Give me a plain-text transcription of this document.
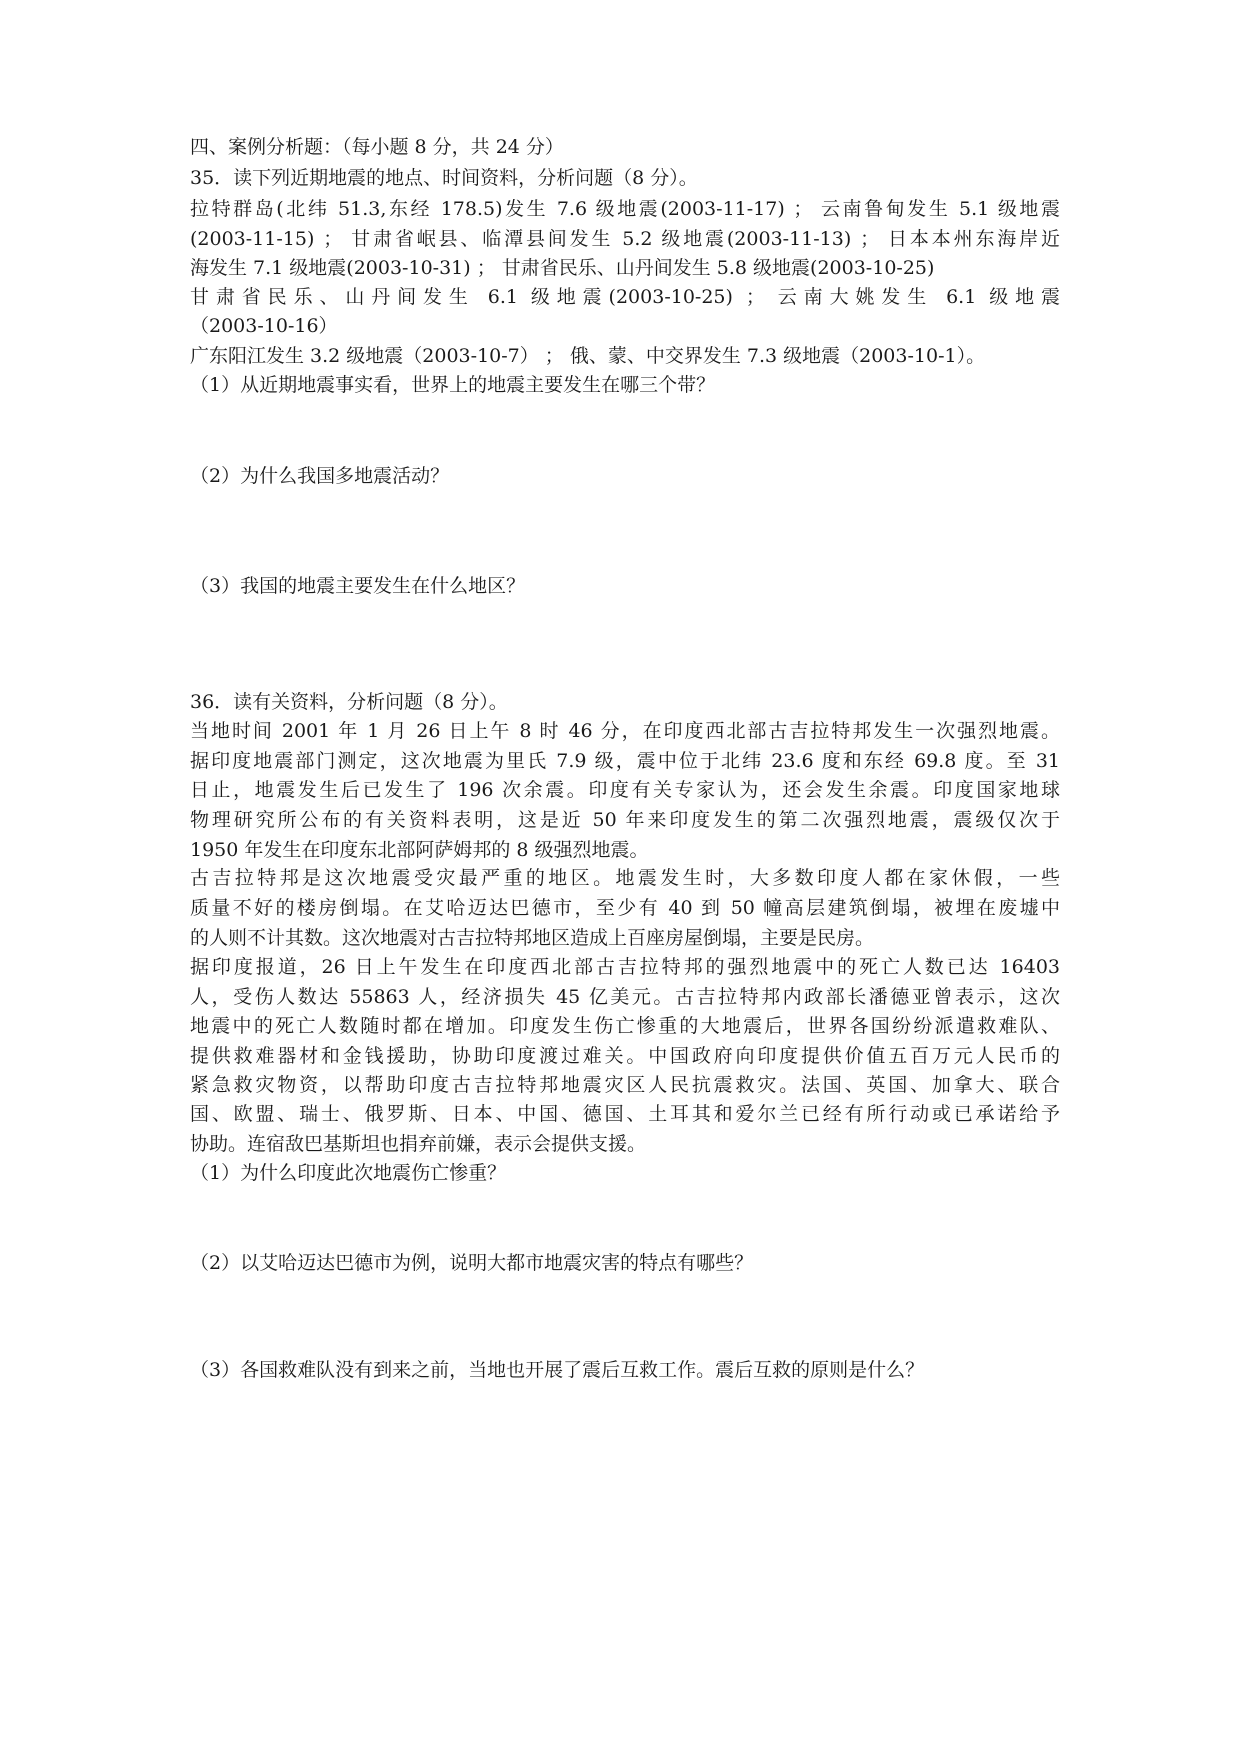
四、案例分析题：（每小题 8 分，共 24 分）

35．读下列近期地震的地点、时间资料，分析问题（8 分）。

拉特群岛(北纬 51.3,东经 178.5)发生 7.6 级地震(2003-11-17) ； 云南鲁甸发生 5.1 级地震

(2003-11-15) ； 甘肃省岷县、临潭县间发生 5.2 级地震(2003-11-13) ； 日本本州东海岸近

海发生 7.1 级地震(2003-10-31) ； 甘肃省民乐、山丹间发生 5.8 级地震(2003-10-25)

甘肃省民乐、山丹间发生 6.1 级地震(2003-10-25) ； 云南大姚发生 6.1 级地震

（2003-10-16）

广东阳江发生 3.2 级地震（2003-10-7） ； 俄、蒙、中交界发生 7.3 级地震（2003-10-1）。

（1）从近期地震事实看，世界上的地震主要发生在哪三个带？

（2）为什么我国多地震活动？

（3）我国的地震主要发生在什么地区？

36．读有关资料，分析问题（8 分）。

当地时间 2001 年 1 月 26 日上午 8 时 46 分，在印度西北部古吉拉特邦发生一次强烈地震。

据印度地震部门测定，这次地震为里氏 7.9 级，震中位于北纬 23.6 度和东经 69.8 度。至 31

日止，地震发生后已发生了 196 次余震。印度有关专家认为，还会发生余震。印度国家地球

物理研究所公布的有关资料表明，这是近 50 年来印度发生的第二次强烈地震，震级仅次于

1950 年发生在印度东北部阿萨姆邦的 8 级强烈地震。

古吉拉特邦是这次地震受灾最严重的地区。地震发生时，大多数印度人都在家休假，一些

质量不好的楼房倒塌。在艾哈迈达巴德市，至少有 40 到 50 幢高层建筑倒塌，被埋在废墟中

的人则不计其数。这次地震对古吉拉特邦地区造成上百座房屋倒塌，主要是民房。

据印度报道，26 日上午发生在印度西北部古吉拉特邦的强烈地震中的死亡人数已达 16403

人，受伤人数达 55863 人，经济损失 45 亿美元。古吉拉特邦内政部长潘德亚曾表示，这次

地震中的死亡人数随时都在增加。印度发生伤亡惨重的大地震后，世界各国纷纷派遣救难队、

提供救难器材和金钱援助，协助印度渡过难关。中国政府向印度提供价值五百万元人民币的

紧急救灾物资，以帮助印度古吉拉特邦地震灾区人民抗震救灾。法国、英国、加拿大、联合

国、欧盟、瑞士、俄罗斯、日本、中国、德国、土耳其和爱尔兰已经有所行动或已承诺给予

协助。连宿敌巴基斯坦也捐弃前嫌，表示会提供支援。

（1）为什么印度此次地震伤亡惨重？

（2）以艾哈迈达巴德市为例，说明大都市地震灾害的特点有哪些？

（3）各国救难队没有到来之前，当地也开展了震后互救工作。震后互救的原则是什么？
